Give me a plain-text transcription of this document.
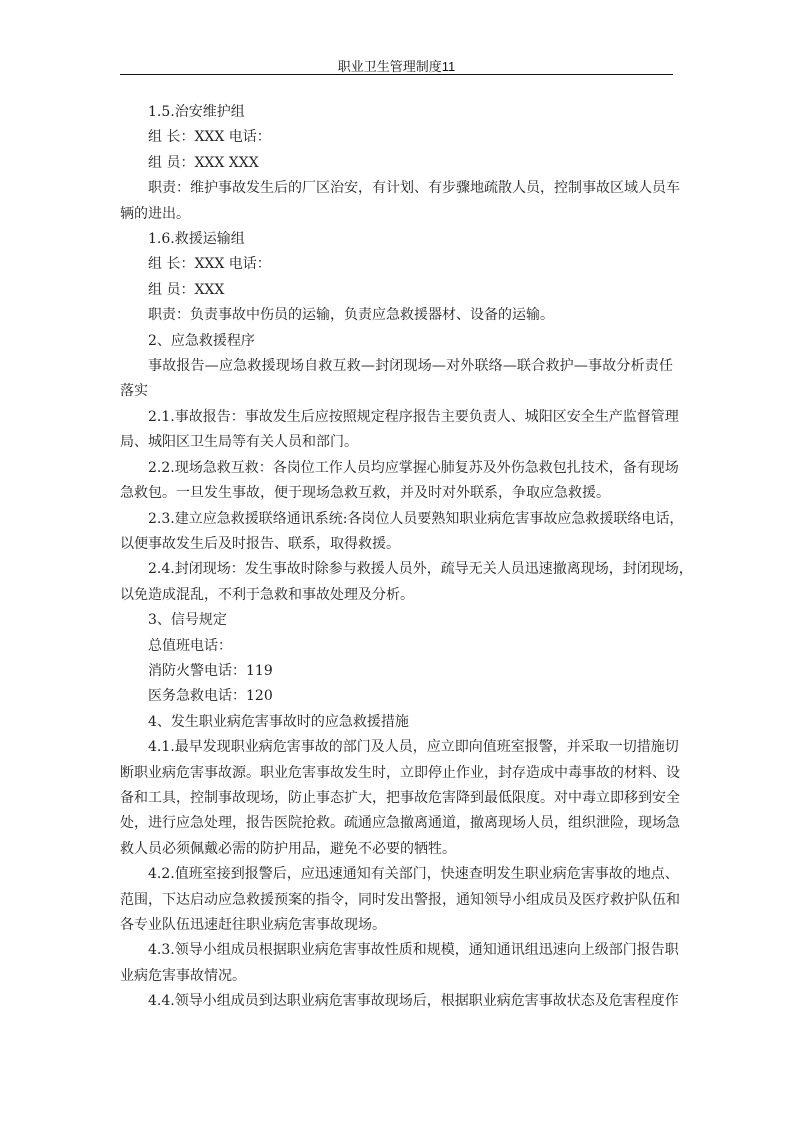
职业卫生管理制度11
1.5.治安维护组
组 长：XXX 电话：
组 员：XXX XXX
职责：维护事故发生后的厂区治安，有计划、有步骤地疏散人员，控制事故区域人员车
辆的进出。
1.6.救援运输组
组 长：XXX 电话：
组 员：XXX
职责：负责事故中伤员的运输，负责应急救援器材、设备的运输。
2、应急救援程序
事故报告—应急救援现场自救互救—封闭现场—对外联络—联合救护—事故分析责任
落实
2.1.事故报告：事故发生后应按照规定程序报告主要负责人、城阳区安全生产监督管理
局、城阳区卫生局等有关人员和部门。
2.2.现场急救互救：各岗位工作人员均应掌握心肺复苏及外伤急救包扎技术，备有现场
急救包。一旦发生事故，便于现场急救互救，并及时对外联系，争取应急救援。
2.3.建立应急救援联络通讯系统:各岗位人员要熟知职业病危害事故应急救援联络电话，
以便事故发生后及时报告、联系，取得救援。
2.4.封闭现场：发生事故时除参与救援人员外，疏导无关人员迅速撤离现场，封闭现场，
以免造成混乱，不利于急救和事故处理及分析。
3、信号规定
总值班电话：
消防火警电话：119
医务急救电话：120
4、发生职业病危害事故时的应急救援措施
4.1.最早发现职业病危害事故的部门及人员，应立即向值班室报警，并采取一切措施切
断职业病危害事故源。职业危害事故发生时，立即停止作业，封存造成中毒事故的材料、设
备和工具，控制事故现场，防止事态扩大，把事故危害降到最低限度。对中毒立即移到安全
处，进行应急处理，报告医院抢救。疏通应急撤离通道，撤离现场人员，组织泄险，现场急
救人员必须佩戴必需的防护用品，避免不必要的牺牲。
4.2.值班室接到报警后，应迅速通知有关部门，快速查明发生职业病危害事故的地点、
范围，下达启动应急救援预案的指令，同时发出警报，通知领导小组成员及医疗救护队伍和
各专业队伍迅速赶往职业病危害事故现场。
4.3.领导小组成员根据职业病危害事故性质和规模，通知通讯组迅速向上级部门报告职
业病危害事故情况。
4.4.领导小组成员到达职业病危害事故现场后，根据职业病危害事故状态及危害程度作
